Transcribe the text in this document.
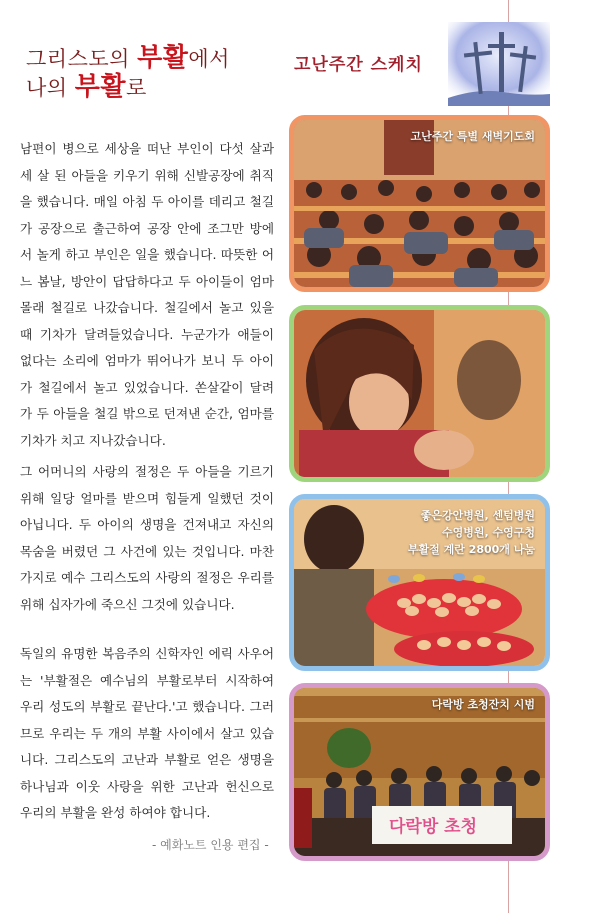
그리스도의 부활에서
나의 부활로
고난주간 스케치

남편이 병으로 세상을 떠난 부인이 다섯 살과 세 살 된 아들을 키우기 위해 신발공장에 취직을 했습니다. 매일 아침 두 아이를 데리고 철길 가 공장으로 출근하여 공장 안에 조그만 방에서 놀게 하고 부인은 일을 했습니다. 따뜻한 어느 봄날, 방안이 답답하다고 두 아이들이 엄마 몰래 철길로 나갔습니다. 철길에서 놀고 있을 때 기차가 달려들었습니다. 누군가가 애들이 없다는 소리에 엄마가 뛰어나가 보니 두 아이가 철길에서 놀고 있었습니다. 쏜살같이 달려가 두 아들을 철길 밖으로 던져낸 순간, 엄마를 기차가 치고 지나갔습니다.

그 어머니의 사랑의 절정은 두 아들을 기르기 위해 일당 얼마를 받으며 힘들게 일했던 것이 아닙니다. 두 아이의 생명을 건져내고 자신의 목숨을 버렸던 그 사건에 있는 것입니다. 마찬가지로 예수 그리스도의 사랑의 절정은 우리를 위해 십자가에 죽으신 그것에 있습니다.

독일의 유명한 복음주의 신학자인 에릭 사우어는 '부활절은 예수님의 부활로부터 시작하여 우리 성도의 부활로 끝난다.'고 했습니다. 그러므로 우리는 두 개의 부활 사이에서 살고 있습니다. 그리스도의 고난과 부활로 얻은 생명을 하나님과 이웃 사랑을 위한 고난과 헌신으로 우리의 부활을 완성 하여야 합니다.

- 예화노트 인용 편집 -
고난주간 특별 새벽기도회
좋은강안병원, 센텀병원
수영병원, 수영구청
부활절 계란 2800개 나눔
다락방 초청
다락방 초청잔치 시범
